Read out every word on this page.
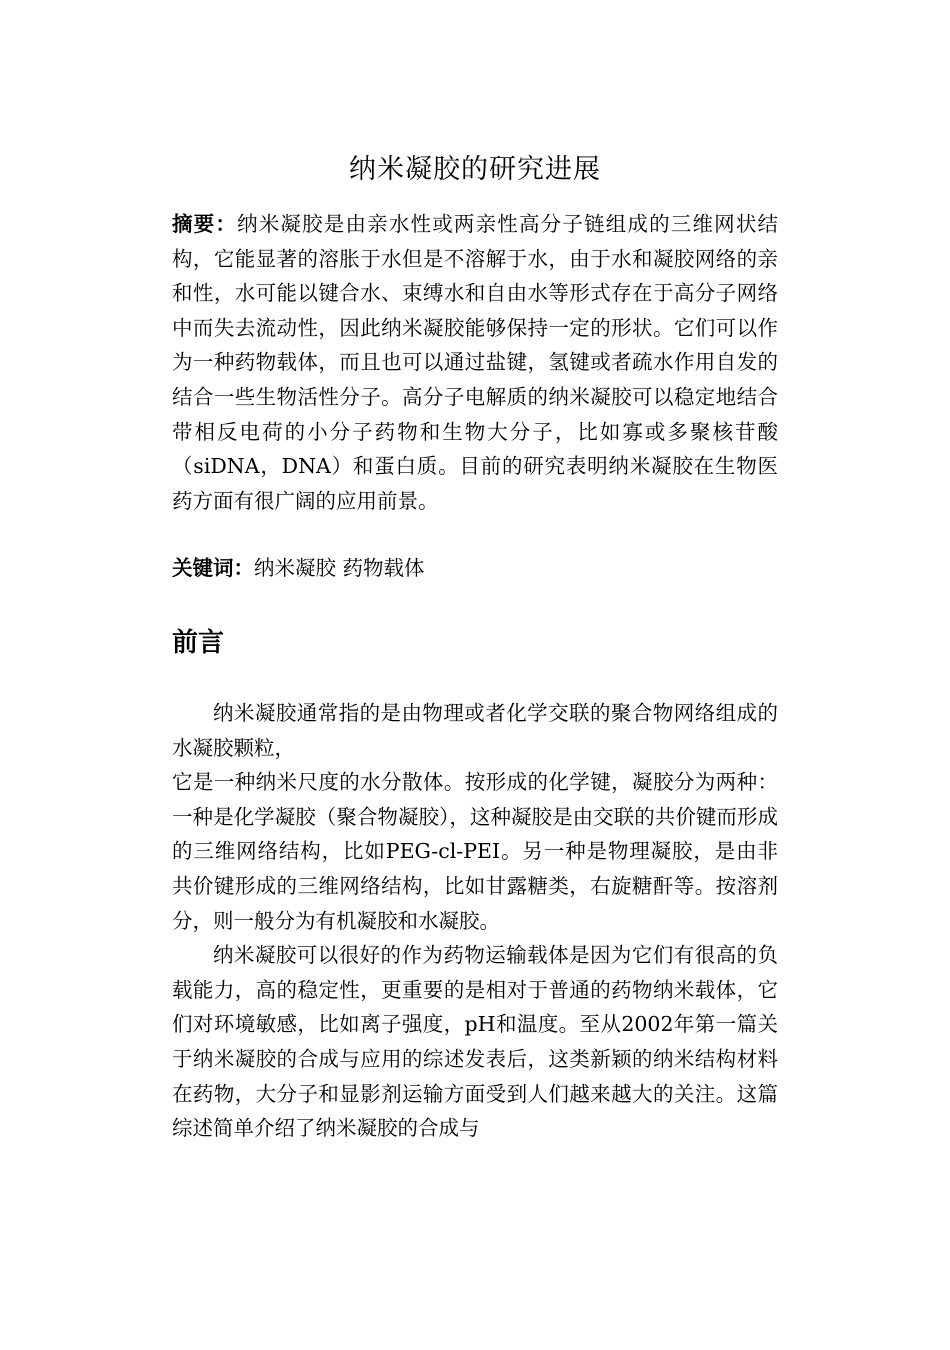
纳米凝胶的研究进展

摘要：纳米凝胶是由亲水性或两亲性高分子链组成的三维网状结构，它能显著的溶胀于水但是不溶解于水，由于水和凝胶网络的亲和性，水可能以键合水、束缚水和自由水等形式存在于高分子网络中而失去流动性，因此纳米凝胶能够保持一定的形状。它们可以作为一种药物载体，而且也可以通过盐键，氢键或者疏水作用自发的结合一些生物活性分子。高分子电解质的纳米凝胶可以稳定地结合带相反电荷的小分子药物和生物大分子，比如寡或多聚核苷酸（siDNA，DNA）和蛋白质。目前的研究表明纳米凝胶在生物医药方面有很广阔的应用前景。

关键词：纳米凝胶 药物载体

前言

纳米凝胶通常指的是由物理或者化学交联的聚合物网络组成的水凝胶颗粒，

它是一种纳米尺度的水分散体。按形成的化学键，凝胶分为两种：一种是化学凝胶（聚合物凝胶），这种凝胶是由交联的共价键而形成的三维网络结构，比如PEG-cl-PEI。另一种是物理凝胶，是由非共价键形成的三维网络结构，比如甘露糖类，右旋糖酐等。按溶剂分，则一般分为有机凝胶和水凝胶。

纳米凝胶可以很好的作为药物运输载体是因为它们有很高的负载能力，高的稳定性，更重要的是相对于普通的药物纳米载体，它们对环境敏感，比如离子强度，pH和温度。至从2002年第一篇关于纳米凝胶的合成与应用的综述发表后，这类新颖的纳米结构材料在药物，大分子和显影剂运输方面受到人们越来越大的关注。这篇综述简单介绍了纳米凝胶的合成与
